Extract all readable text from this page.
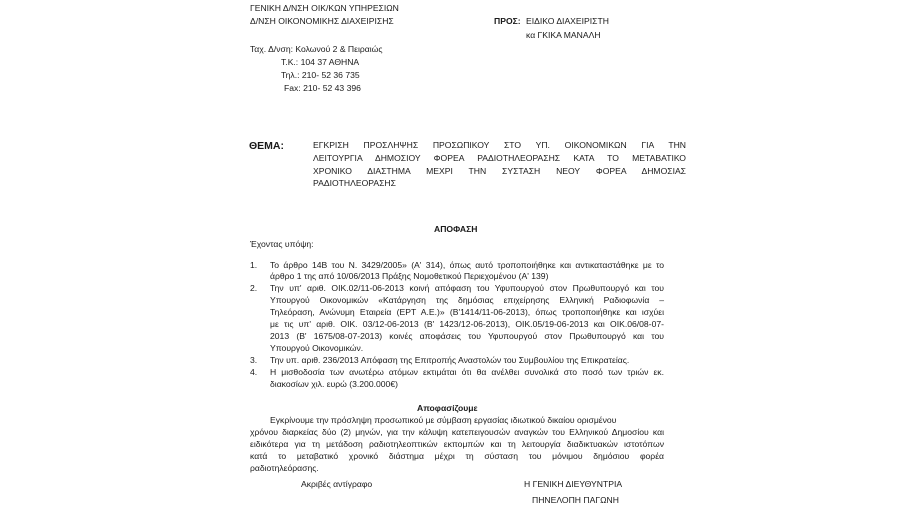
ΓΕΝΙΚΗ Δ/ΝΣΗ ΟΙΚ/ΚΩΝ ΥΠΗΡΕΣΙΩΝ
Δ/ΝΣΗ ΟΙΚΟΝΟΜΙΚΗΣ ΔΙΑΧΕΙΡΙΣΗΣ
Ταχ. Δ/νση: Κολωνού 2 & Πειραιώς
Τ.Κ.: 104 37 ΑΘΗΝΑ
Τηλ.: 210- 52 36 735
Fax: 210- 52 43 396
ΠΡΟΣ: ΕΙΔΙΚΟ ΔΙΑΧΕΙΡΙΣΤΗ
κα ΓΚΙΚΑ ΜΑΝΑΛΗ
ΘΕΜΑ:	ΕΓΚΡΙΣΗ ΠΡΟΣΛΗΨΗΣ ΠΡΟΣΩΠΙΚΟΥ ΣΤΟ ΥΠ. ΟΙΚΟΝΟΜΙΚΩΝ ΓΙΑ ΤΗΝ
ΛΕΙΤΟΥΡΓΙΑ ΔΗΜΟΣΙΟΥ ΦΟΡΕΑ ΡΑΔΙΟΤΗΛΕΟΡΑΣΗΣ ΚΑΤΑ ΤΟ ΜΕΤΑΒΑΤΙΚΟ
ΧΡΟΝΙΚΟ ΔΙΑΣΤΗΜΑ ΜΕΧΡΙ ΤΗΝ ΣΥΣΤΑΣΗ ΝΕΟΥ ΦΟΡΕΑ ΔΗΜΟΣΙΑΣ
ΡΑΔΙΟΤΗΛΕΟΡΑΣΗΣ
ΑΠΟΦΑΣΗ
Έχοντας υπόψη:
1. Το άρθρο 14Β του Ν. 3429/2005» (Α' 314), όπως αυτό τροποποιήθηκε και αντικαταστάθηκε με το
άρθρο 1 της από 10/06/2013 Πράξης Νομοθετικού Περιεχομένου (Α' 139)
2. Την υπ' αριθ. ΟΙΚ.02/11-06-2013 κοινή απόφαση του Υφυπουργού στον Πρωθυπουργό και του
Υπουργού Οικονομικών «Κατάργηση της δημόσιας επιχείρησης Ελληνική Ραδιοφωνία –
Τηλεόραση, Ανώνυμη Εταιρεία (ΕΡΤ Α.Ε.)» (Β'1414/11-06-2013), όπως τροποποιήθηκε και ισχύει
με τις υπ' αριθ. ΟΙΚ. 03/12-06-2013 (Β' 1423/12-06-2013), ΟΙΚ.05/19-06-2013 και ΟΙΚ.06/08-07-
2013 (Β' 1675/08-07-2013) κοινές αποφάσεις του Υφυπουργού στον Πρωθυπουργό και του
Υπουργού Οικονομικών.
3. Την υπ. αριθ. 236/2013 Απόφαση της Επιτροπής Αναστολών του Συμβουλίου της Επικρατείας.
4. Η μισθοδοσία των ανωτέρω ατόμων εκτιμάται ότι θα ανέλθει συνολικά στο ποσό των τριών εκ.
διακοσίων χιλ. ευρώ (3.200.000€)
Αποφασίζουμε
Εγκρίνουμε την πρόσληψη προσωπικού με σύμβαση εργασίας ιδιωτικού δικαίου ορισμένου
χρόνου διαρκείας δύο (2) μηνών, για την κάλυψη κατεπειγουσών αναγκών του Ελληνικού Δημοσίου και
ειδικότερα για τη μετάδοση ραδιοτηλεοπτικών εκπομπών και τη λειτουργία διαδικτυακών ιστοτόπων
κατά το μεταβατικό χρονικό διάστημα μέχρι τη σύσταση του μόνιμου δημόσιου φορέα
ραδιοτηλεόρασης.
Ακριβές αντίγραφο	Η ΓΕΝΙΚΗ ΔΙΕΥΘΥΝΤΡΙΑ
ΠΗΝΕΛΟΠΗ ΠΑΓΩΝΗ
